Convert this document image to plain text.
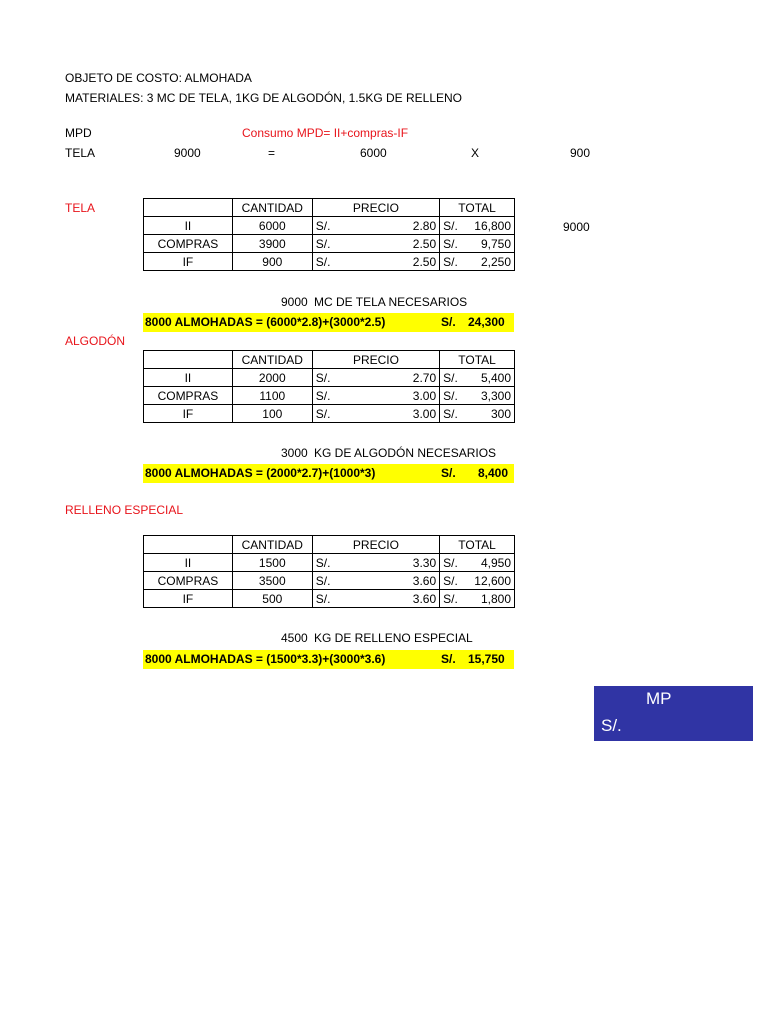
OBJETO DE COSTO: ALMOHADA
MATERIALES: 3 MC DE TELA, 1KG DE ALGODÓN, 1.5KG DE RELLENO
MPD	Consumo MPD= II+compras-IF
TELA	9000	=	6000	X	900
TELA
		CANTIDAD	PRECIO	TOTAL
II	6000	S/. 2.80	S/. 16,800

COMPRAS	3900	S/. 2.50	S/. 9,750

IF	900	S/. 2.50	S/. 2,250
9000
9000 MC DE TELA NECESARIOS
8000 ALMOHADAS = (6000*2.8)+(3000*2.5)	S/. 24,300
ALGODÓN
	CANTIDAD	PRECIO	TOTAL
II	2000	S/. 2.70	S/. 5,400

COMPRAS	1100	S/. 3.00	S/. 3,300

IF	100	S/. 3.00	S/. 300
3000 KG DE ALGODÓN NECESARIOS
8000 ALMOHADAS = (2000*2.7)+(1000*3)	S/. 8,400
RELLENO ESPECIAL
	CANTIDAD	PRECIO	TOTAL
II	1500	S/. 3.30	S/. 4,950

COMPRAS	3500	S/. 3.60	S/. 12,600

IF	500	S/. 3.60	S/. 1,800
4500 KG DE RELLENO ESPECIAL
8000 ALMOHADAS = (1500*3.3)+(3000*3.6)	S/. 15,750
MP
S/.
